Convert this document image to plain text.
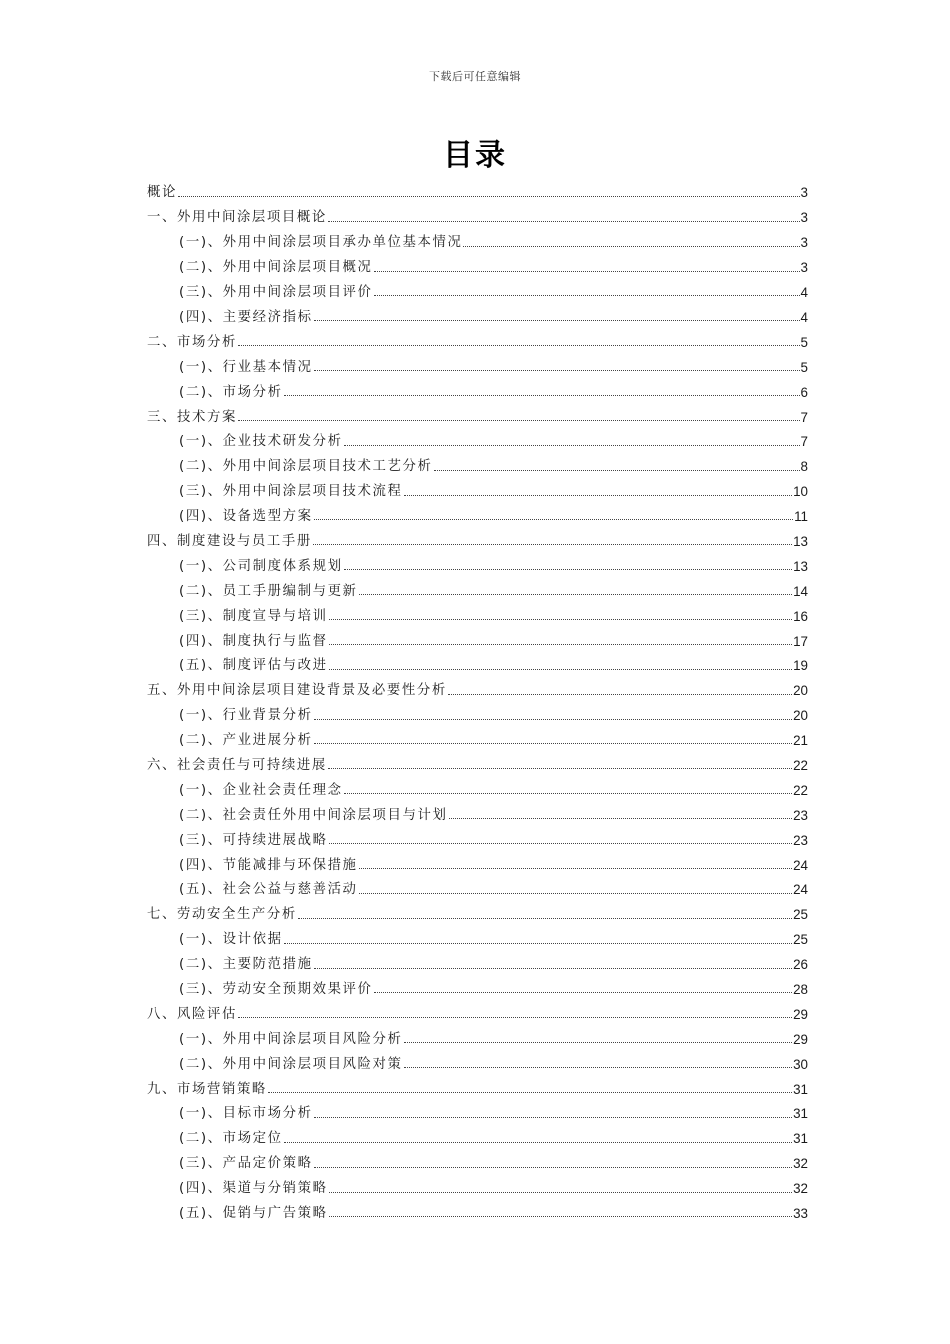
下载后可任意编辑
目录
概论	3
一、外用中间涂层项目概论	3
(一)、外用中间涂层项目承办单位基本情况	3
(二)、外用中间涂层项目概况	3
(三)、外用中间涂层项目评价	4
(四)、主要经济指标	4
二、市场分析	5
(一)、行业基本情况	5
(二)、市场分析	6
三、技术方案	7
(一)、企业技术研发分析	7
(二)、外用中间涂层项目技术工艺分析	8
(三)、外用中间涂层项目技术流程	10
(四)、设备选型方案	11
四、制度建设与员工手册	13
(一)、公司制度体系规划	13
(二)、员工手册编制与更新	14
(三)、制度宣导与培训	16
(四)、制度执行与监督	17
(五)、制度评估与改进	19
五、外用中间涂层项目建设背景及必要性分析	20
(一)、行业背景分析	20
(二)、产业进展分析	21
六、社会责任与可持续进展	22
(一)、企业社会责任理念	22
(二)、社会责任外用中间涂层项目与计划	23
(三)、可持续进展战略	23
(四)、节能减排与环保措施	24
(五)、社会公益与慈善活动	24
七、劳动安全生产分析	25
(一)、设计依据	25
(二)、主要防范措施	26
(三)、劳动安全预期效果评价	28
八、风险评估	29
(一)、外用中间涂层项目风险分析	29
(二)、外用中间涂层项目风险对策	30
九、市场营销策略	31
(一)、目标市场分析	31
(二)、市场定位	31
(三)、产品定价策略	32
(四)、渠道与分销策略	32
(五)、促销与广告策略	33
